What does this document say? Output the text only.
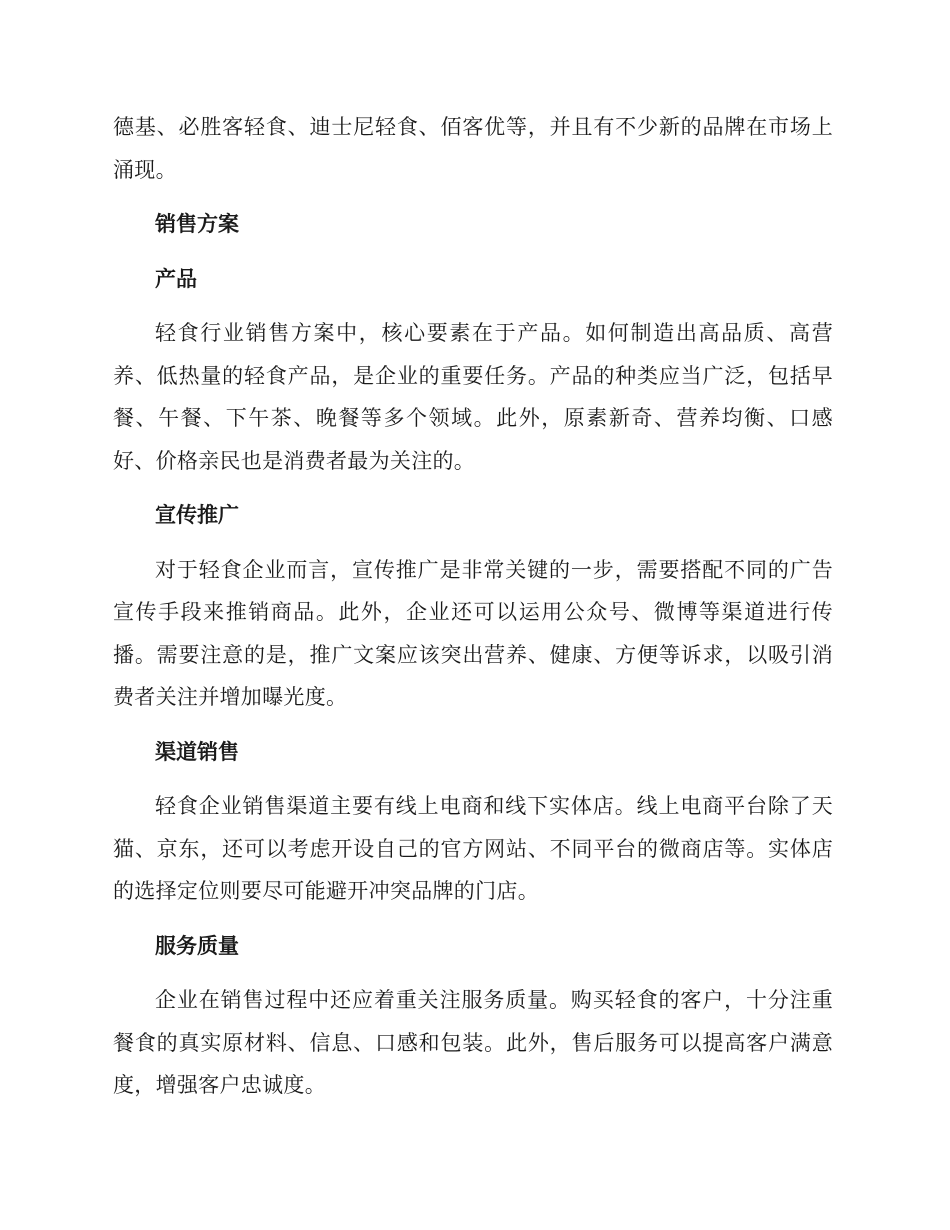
德基、必胜客轻食、迪士尼轻食、佰客优等，并且有不少新的品牌在市场上涌现。

销售方案
产品

轻食行业销售方案中，核心要素在于产品。如何制造出高品质、高营养、低热量的轻食产品，是企业的重要任务。产品的种类应当广泛，包括早餐、午餐、下午茶、晚餐等多个领域。此外，原素新奇、营养均衡、口感好、价格亲民也是消费者最为关注的。

宣传推广

对于轻食企业而言，宣传推广是非常关键的一步，需要搭配不同的广告宣传手段来推销商品。此外，企业还可以运用公众号、微博等渠道进行传播。需要注意的是，推广文案应该突出营养、健康、方便等诉求，以吸引消费者关注并增加曝光度。

渠道销售

轻食企业销售渠道主要有线上电商和线下实体店。线上电商平台除了天猫、京东，还可以考虑开设自己的官方网站、不同平台的微商店等。实体店的选择定位则要尽可能避开冲突品牌的门店。

服务质量

企业在销售过程中还应着重关注服务质量。购买轻食的客户，十分注重餐食的真实原材料、信息、口感和包装。此外，售后服务可以提高客户满意度，增强客户忠诚度。
